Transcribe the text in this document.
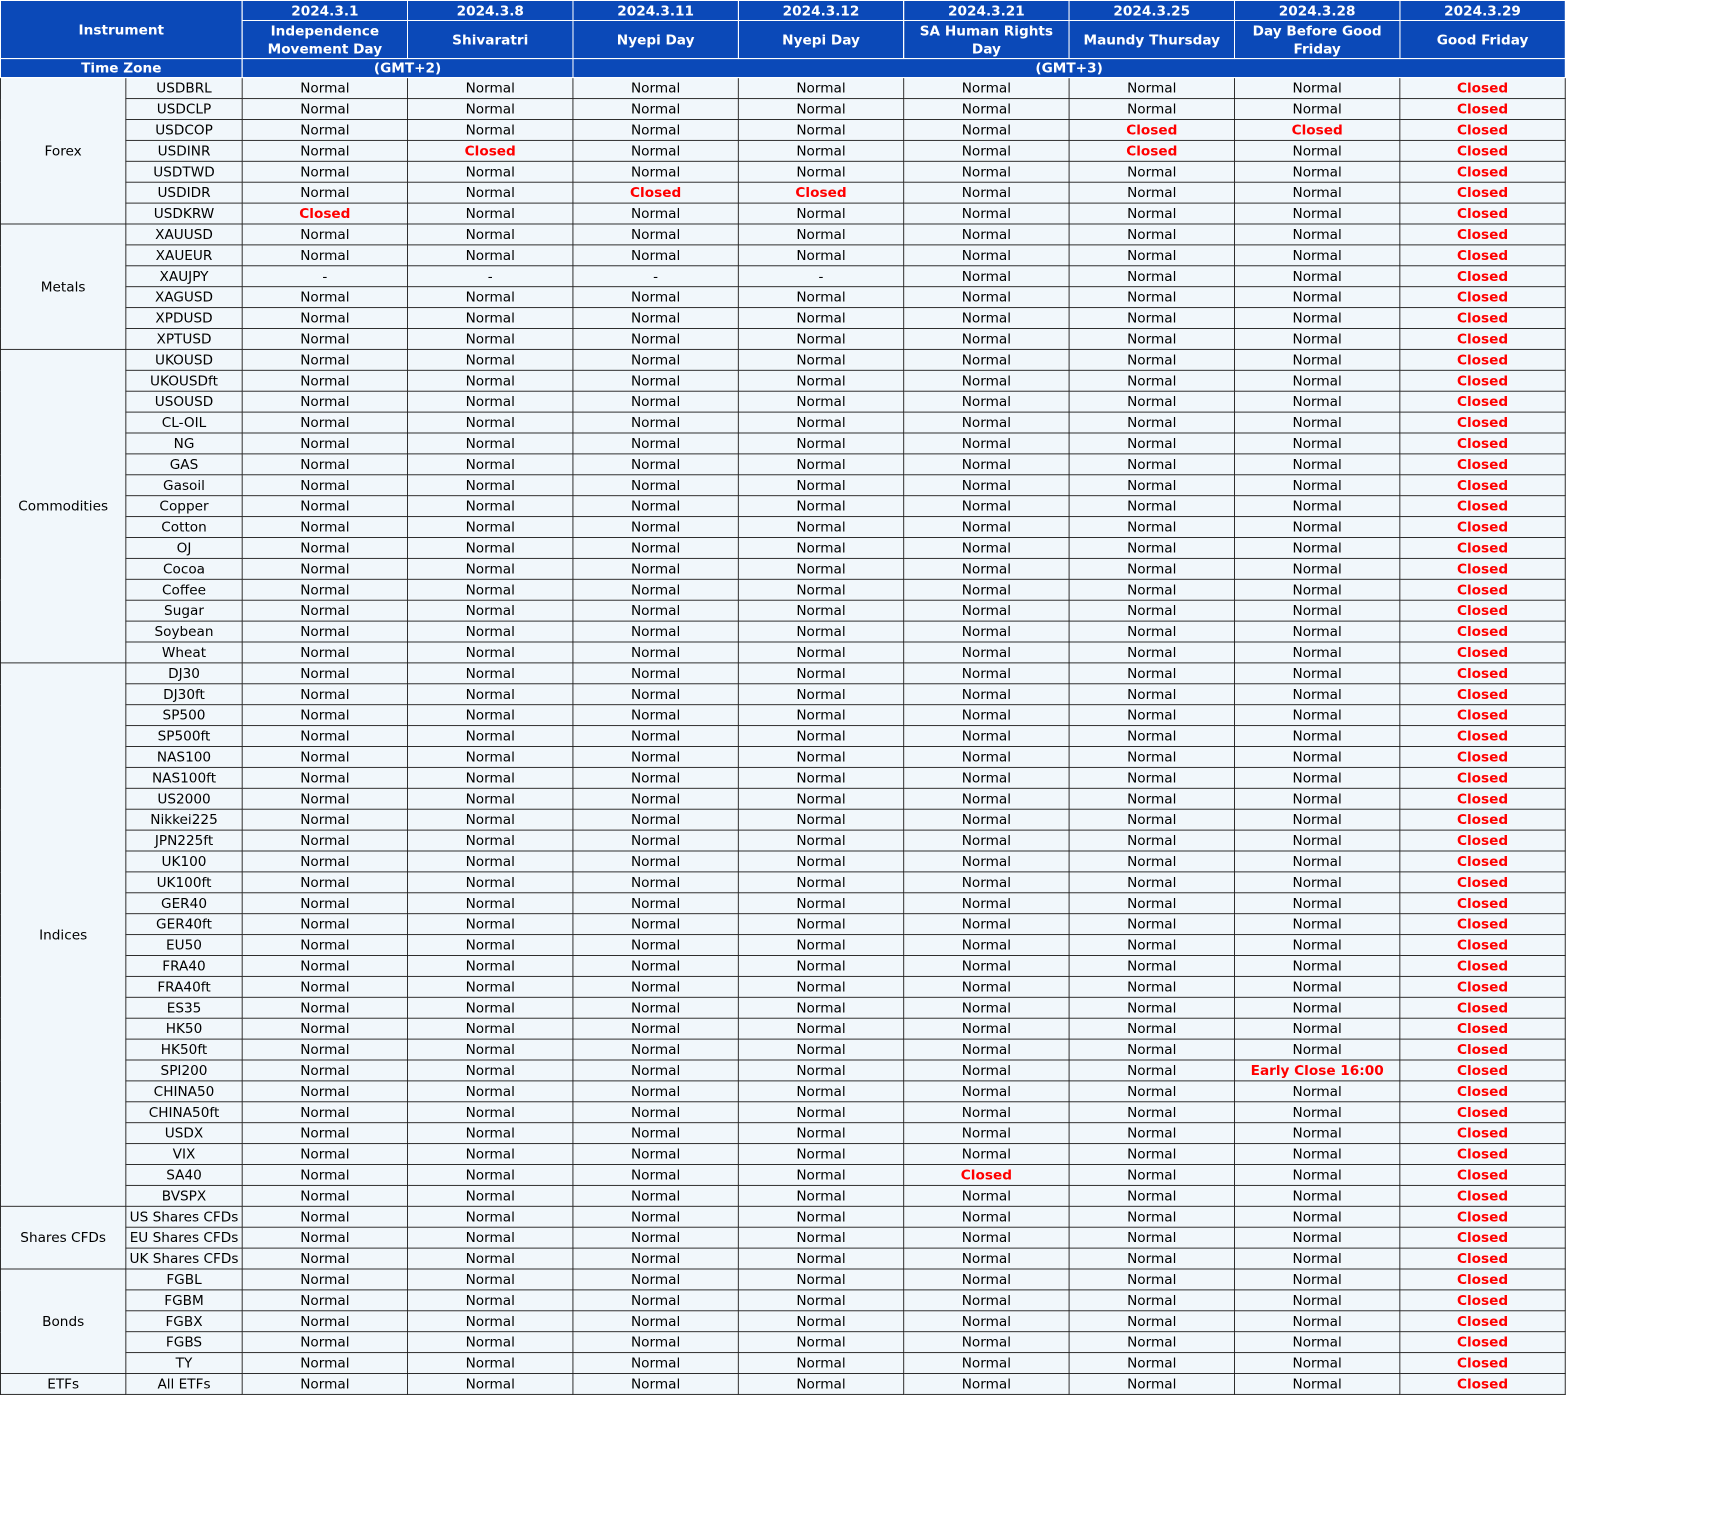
Instrument		2024.3.1	2024.3.8	2024.3.11	2024.3.12	2024.3.21	2024.3.25	2024.3.28	2024.3.29
		Independence Movement Day	Shivaratri	Nyepi Day	Nyepi Day	SA Human Rights Day	Maundy Thursday	Day Before Good Friday	Good Friday
Time Zone		(GMT+2)		(GMT+3)					
Forex	USDBRL	Normal	Normal	Normal	Normal	Normal	Normal	Normal	Closed
	USDCLP	Normal	Normal	Normal	Normal	Normal	Normal	Normal	Closed
	USDCOP	Normal	Normal	Normal	Normal	Normal	Closed	Closed	Closed
	USDINR	Normal	Closed	Normal	Normal	Normal	Closed	Normal	Closed
	USDTWD	Normal	Normal	Normal	Normal	Normal	Normal	Normal	Closed
	USDIDR	Normal	Normal	Closed	Closed	Normal	Normal	Normal	Closed
	USDKRW	Closed	Normal	Normal	Normal	Normal	Normal	Normal	Closed
Metals	XAUUSD	Normal	Normal	Normal	Normal	Normal	Normal	Normal	Closed
	XAUEUR	Normal	Normal	Normal	Normal	Normal	Normal	Normal	Closed
	XAUJPY	-	-	-	-	Normal	Normal	Normal	Closed
	XAGUSD	Normal	Normal	Normal	Normal	Normal	Normal	Normal	Closed
	XPDUSD	Normal	Normal	Normal	Normal	Normal	Normal	Normal	Closed
	XPTUSD	Normal	Normal	Normal	Normal	Normal	Normal	Normal	Closed
Commodities	UKOUSD	Normal	Normal	Normal	Normal	Normal	Normal	Normal	Closed
	UKOUSDft	Normal	Normal	Normal	Normal	Normal	Normal	Normal	Closed
	USOUSD	Normal	Normal	Normal	Normal	Normal	Normal	Normal	Closed
	CL-OIL	Normal	Normal	Normal	Normal	Normal	Normal	Normal	Closed
	NG	Normal	Normal	Normal	Normal	Normal	Normal	Normal	Closed
	GAS	Normal	Normal	Normal	Normal	Normal	Normal	Normal	Closed
	Gasoil	Normal	Normal	Normal	Normal	Normal	Normal	Normal	Closed
	Copper	Normal	Normal	Normal	Normal	Normal	Normal	Normal	Closed
	Cotton	Normal	Normal	Normal	Normal	Normal	Normal	Normal	Closed
	OJ	Normal	Normal	Normal	Normal	Normal	Normal	Normal	Closed
	Cocoa	Normal	Normal	Normal	Normal	Normal	Normal	Normal	Closed
	Coffee	Normal	Normal	Normal	Normal	Normal	Normal	Normal	Closed
	Sugar	Normal	Normal	Normal	Normal	Normal	Normal	Normal	Closed
	Soybean	Normal	Normal	Normal	Normal	Normal	Normal	Normal	Closed
	Wheat	Normal	Normal	Normal	Normal	Normal	Normal	Normal	Closed
Indices	DJ30	Normal	Normal	Normal	Normal	Normal	Normal	Normal	Closed
	DJ30ft	Normal	Normal	Normal	Normal	Normal	Normal	Normal	Closed
	SP500	Normal	Normal	Normal	Normal	Normal	Normal	Normal	Closed
	SP500ft	Normal	Normal	Normal	Normal	Normal	Normal	Normal	Closed
	NAS100	Normal	Normal	Normal	Normal	Normal	Normal	Normal	Closed
	NAS100ft	Normal	Normal	Normal	Normal	Normal	Normal	Normal	Closed
	US2000	Normal	Normal	Normal	Normal	Normal	Normal	Normal	Closed
	Nikkei225	Normal	Normal	Normal	Normal	Normal	Normal	Normal	Closed
	JPN225ft	Normal	Normal	Normal	Normal	Normal	Normal	Normal	Closed
	UK100	Normal	Normal	Normal	Normal	Normal	Normal	Normal	Closed
	UK100ft	Normal	Normal	Normal	Normal	Normal	Normal	Normal	Closed
	GER40	Normal	Normal	Normal	Normal	Normal	Normal	Normal	Closed
	GER40ft	Normal	Normal	Normal	Normal	Normal	Normal	Normal	Closed
	EU50	Normal	Normal	Normal	Normal	Normal	Normal	Normal	Closed
	FRA40	Normal	Normal	Normal	Normal	Normal	Normal	Normal	Closed
	FRA40ft	Normal	Normal	Normal	Normal	Normal	Normal	Normal	Closed
	ES35	Normal	Normal	Normal	Normal	Normal	Normal	Normal	Closed
	HK50	Normal	Normal	Normal	Normal	Normal	Normal	Normal	Closed
	HK50ft	Normal	Normal	Normal	Normal	Normal	Normal	Normal	Closed
	SPI200	Normal	Normal	Normal	Normal	Normal	Normal	Early Close 16:00	Closed
	CHINA50	Normal	Normal	Normal	Normal	Normal	Normal	Normal	Closed
	CHINA50ft	Normal	Normal	Normal	Normal	Normal	Normal	Normal	Closed
	USDX	Normal	Normal	Normal	Normal	Normal	Normal	Normal	Closed
	VIX	Normal	Normal	Normal	Normal	Normal	Normal	Normal	Closed
	SA40	Normal	Normal	Normal	Normal	Closed	Normal	Normal	Closed
	BVSPX	Normal	Normal	Normal	Normal	Normal	Normal	Normal	Closed
Shares CFDs	US Shares CFDs	Normal	Normal	Normal	Normal	Normal	Normal	Normal	Closed
	EU Shares CFDs	Normal	Normal	Normal	Normal	Normal	Normal	Normal	Closed
	UK Shares CFDs	Normal	Normal	Normal	Normal	Normal	Normal	Normal	Closed
Bonds	FGBL	Normal	Normal	Normal	Normal	Normal	Normal	Normal	Closed
	FGBM	Normal	Normal	Normal	Normal	Normal	Normal	Normal	Closed
	FGBX	Normal	Normal	Normal	Normal	Normal	Normal	Normal	Closed
	FGBS	Normal	Normal	Normal	Normal	Normal	Normal	Normal	Closed
	TY	Normal	Normal	Normal	Normal	Normal	Normal	Normal	Closed
ETFs	All ETFs	Normal	Normal	Normal	Normal	Normal	Normal	Normal	Closed
